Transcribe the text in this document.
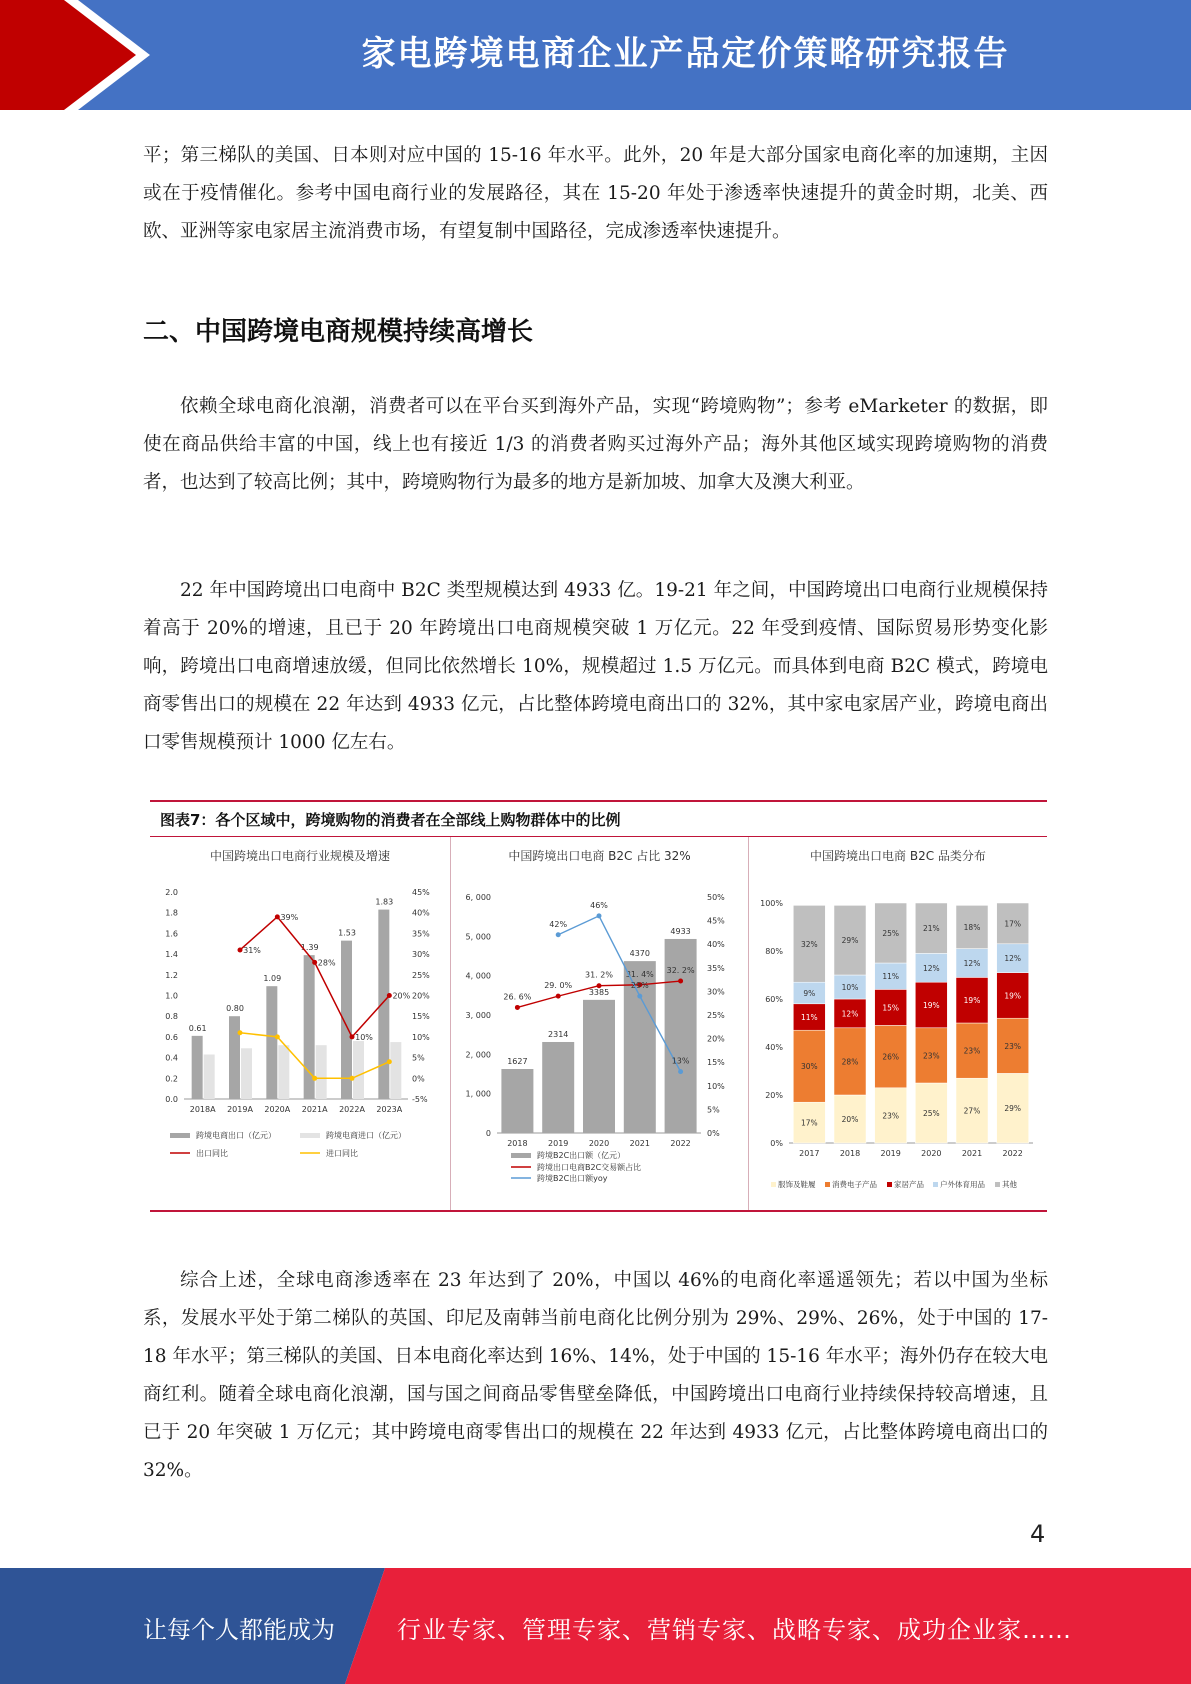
家电跨境电商企业产品定价策略研究报告

平；第三梯队的美国、日本则对应中国的 15-16 年水平。此外，20 年是大部分国家电商化率的加速期，主因或在于疫情催化。参考中国电商行业的发展路径，其在 15-20 年处于渗透率快速提升的黄金时期，北美、西欧、亚洲等家电家居主流消费市场，有望复制中国路径，完成渗透率快速提升。

二、中国跨境电商规模持续高增长

依赖全球电商化浪潮，消费者可以在平台买到海外产品，实现“跨境购物”；参考 eMarketer 的数据，即使在商品供给丰富的中国，线上也有接近 1/3 的消费者购买过海外产品；海外其他区域实现跨境购物的消费者，也达到了较高比例；其中，跨境购物行为最多的地方是新加坡、加拿大及澳大利亚。

22 年中国跨境出口电商中 B2C 类型规模达到 4933 亿。19-21 年之间，中国跨境出口电商行业规模保持着高于 20%的增速，且已于 20 年跨境出口电商规模突破 1 万亿元。22 年受到疫情、国际贸易形势变化影响，跨境出口电商增速放缓，但同比依然增长 10%，规模超过 1.5 万亿元。而具体到电商 B2C 模式，跨境电商零售出口的规模在 22 年达到 4933 亿元，占比整体跨境电商出口的 32%，其中家电家居产业，跨境电商出口零售规模预计 1000 亿左右。

图表7：各个区域中，跨境购物的消费者在全部线上购物群体中的比例
中国跨境出口电商行业规模及增速
0.0
0.2
0.4
0.6
0.8
1.0
1.2
1.4
1.6
1.8
2.0
-5%
0%
5%
10%
15%
20%
25%
30%
35%
40%
45%
0.61
2018A
0.80
2019A
1.09
2020A
1.39
2021A
1.53
2022A
1.83
2023A
31%
39%
28%
10%
20%
跨境电商出口（亿元）	跨境电商进口（亿元）
出口同比	进口同比
中国跨境出口电商 B2C 占比 32%
0
1, 000
2, 000
3, 000
4, 000
5, 000
6, 000
0%
5%
10%
15%
20%
25%
30%
35%
40%
45%
50%
1627
2018
2314
2019
3385
2020
4370
2021
4933
2022
26. 6%
29. 0%
31. 2% 31. 4% 32. 2%
42%
46%
29%
13%
跨境B2C出口额（亿元）
跨境出口电商B2C交易额占比
跨境B2C出口额yoy
中国跨境出口电商 B2C 品类分布
0%
20%
40%
60%
80%
100%
17%
30%
11%
9%
32%
2017
20%
28%
12%
10%
29%
2018
23%
26%
15%
11%
25%
2019
25%
23%
19%
12%
21%
2020
27%
23%
19%
12%
18%
2021
29%
23%
19%
12%
17%
2022
服饰及鞋履 消费电子产品 家居产品 户外体育用品 其他

综合上述，全球电商渗透率在 23 年达到了 20%，中国以 46%的电商化率遥遥领先；若以中国为坐标系，发展水平处于第二梯队的英国、印尼及南韩当前电商化比例分别为 29%、29%、26%，处于中国的 17-18 年水平；第三梯队的美国、日本电商化率达到 16%、14%，处于中国的 15-16 年水平；海外仍存在较大电商红利。随着全球电商化浪潮，国与国之间商品零售壁垒降低，中国跨境出口电商行业持续保持较高增速，且已于 20 年突破 1 万亿元；其中跨境电商零售出口的规模在 22 年达到 4933 亿元，占比整体跨境电商出口的 32%。

4
让每个人都能成为	行业专家、管理专家、营销专家、战略专家、成功企业家……
